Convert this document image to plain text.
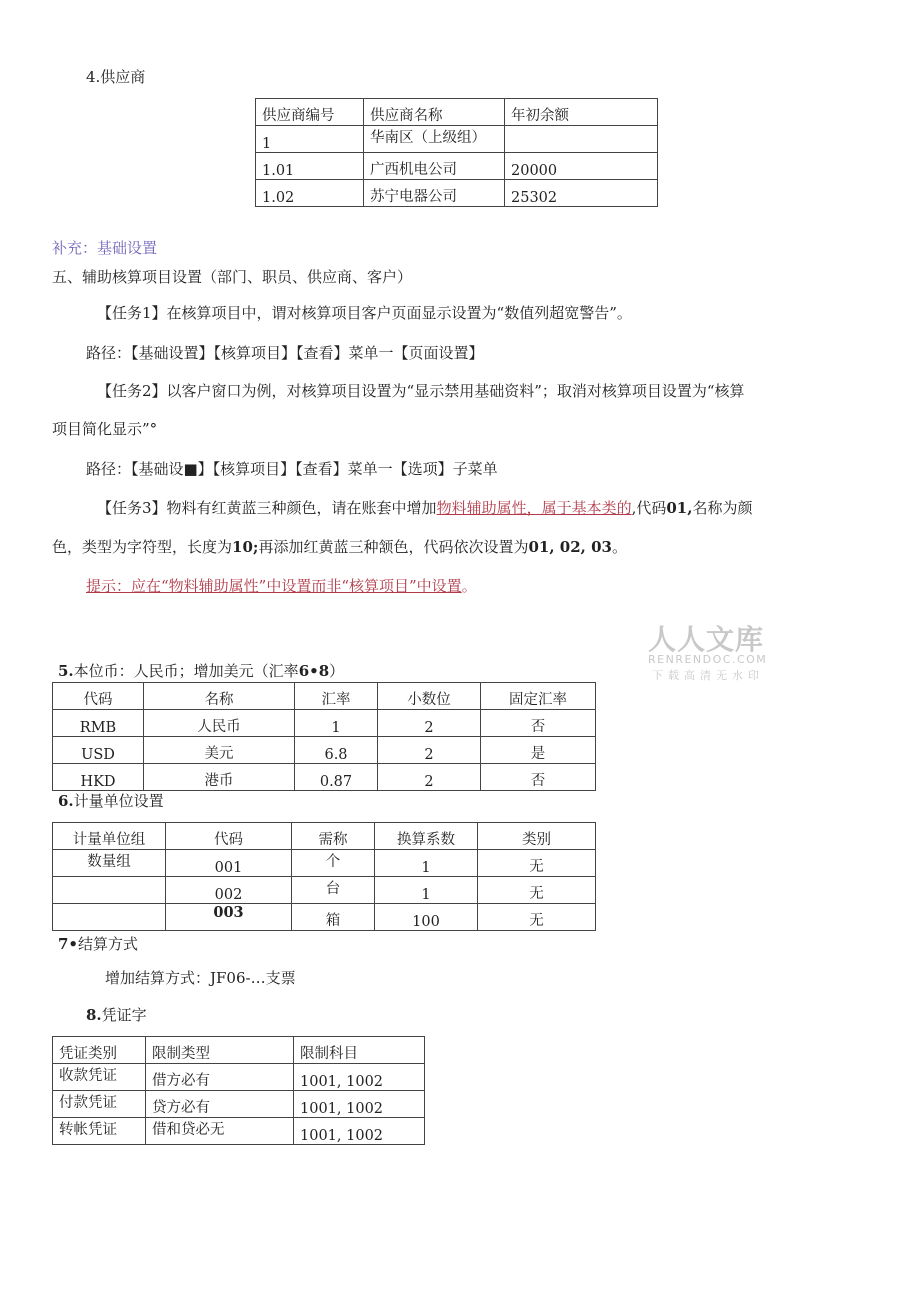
4.供应商
供应商编号	供应商名称	年初余额
1	华南区（上级组）	
1.01	广西机电公司	20000
1.02	苏宁电器公司	25302
补充：基础设置
五、辅助核算项目设置（部门、职员、供应商、客户）
【任务1】在核算项目中，谓对核算项目客户页面显示设置为“数值列超宽警告”。
路径：【基础设置】【核算项目】【查看】菜单一【页面设置】
【任务2】以客户窗口为例，对核算项目设置为“显示禁用基础资料”；取消对核算项目设置为“核算
项目简化显示”°
路径：【基础设■】【核算项目】【查看】菜单一【选项】子菜单
【任务3】物料有红黄蓝三种颜色，请在账套中增加物料辅助属性，属于基本类的,代码01,名称为颜
色，类型为字符型，长度为10;再添加红黄蓝三种颔色，代码依次设置为01, 02, 03。
提示：应在“物料辅助属性”中设置而非“核算项目”中设置。
人人文库
RENRENDOC.COM
下载高清无水印
5.本位币：人民币；增加美元（汇率6•8）
代码	名称	汇率	小数位	固定汇率
RMB	人民币	1	2	否
USD	美元	6.8	2	是
HKD	港币	0.87	2	否
6.计量单位设置
计量单位组	代码	需称	换算系数	类别
数量组	001	个	1	无
	002	台	1	无
	003	箱	100	无
7•结算方式
增加结算方式：JF06-…支票
8.凭证字
凭证类别	限制类型	限制科目
收款凭证	借方必有	1001, 1002
付款凭证	贷方必有	1001, 1002
转帐凭证	借和贷必无	1001, 1002
